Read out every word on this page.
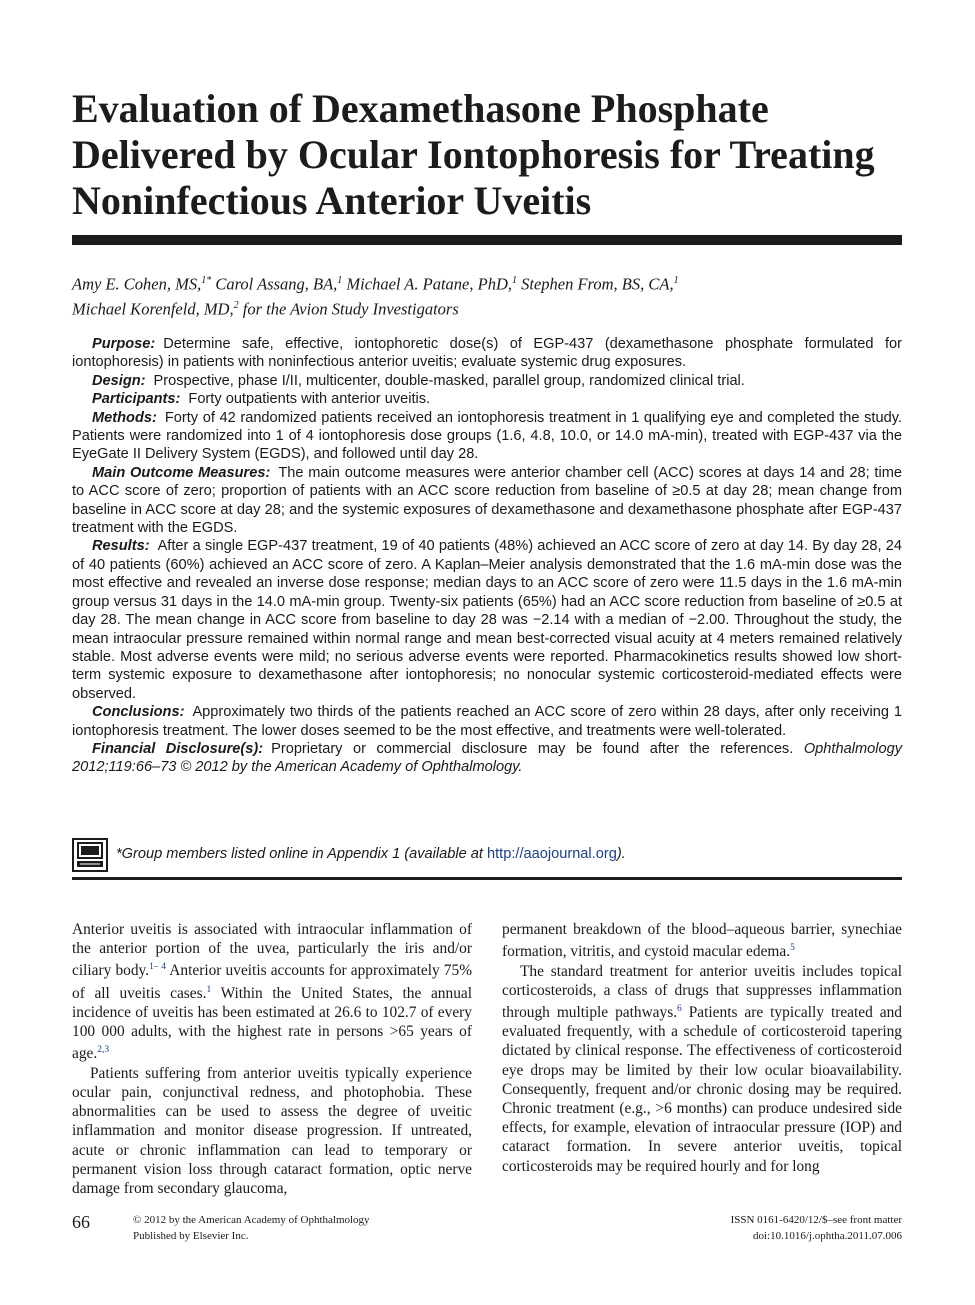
Evaluation of Dexamethasone Phosphate Delivered by Ocular Iontophoresis for Treating Noninfectious Anterior Uveitis
Amy E. Cohen, MS,$^{1*}$ Carol Assang, BA,$^1$ Michael A. Patane, PhD,$^1$ Stephen From, BS, CA,$^1$
Michael Korenfeld, MD,$^2$ for the Avion Study Investigators

Purpose: Determine safe, effective, iontophoretic dose(s) of EGP-437 (dexamethasone phosphate formulated for iontophoresis) in patients with noninfectious anterior uveitis; evaluate systemic drug exposures.

Design: Prospective, phase I/II, multicenter, double-masked, parallel group, randomized clinical trial.

Participants: Forty outpatients with anterior uveitis.

Methods: Forty of 42 randomized patients received an iontophoresis treatment in 1 qualifying eye and completed the study. Patients were randomized into 1 of 4 iontophoresis dose groups (1.6, 4.8, 10.0, or 14.0 mA-min), treated with EGP-437 via the EyeGate II Delivery System (EGDS), and followed until day 28.

Main Outcome Measures: The main outcome measures were anterior chamber cell (ACC) scores at days 14 and 28; time to ACC score of zero; proportion of patients with an ACC score reduction from baseline of ≥0.5 at day 28; mean change from baseline in ACC score at day 28; and the systemic exposures of dexamethasone and dexamethasone phosphate after EGP-437 treatment with the EGDS.

Results: After a single EGP-437 treatment, 19 of 40 patients (48%) achieved an ACC score of zero at day 14. By day 28, 24 of 40 patients (60%) achieved an ACC score of zero. A Kaplan–Meier analysis demonstrated that the 1.6 mA-min dose was the most effective and revealed an inverse dose response; median days to an ACC score of zero were 11.5 days in the 1.6 mA-min group versus 31 days in the 14.0 mA-min group. Twenty-six patients (65%) had an ACC score reduction from baseline of ≥0.5 at day 28. The mean change in ACC score from baseline to day 28 was −2.14 with a median of −2.00. Throughout the study, the mean intraocular pressure remained within normal range and mean best-corrected visual acuity at 4 meters remained relatively stable. Most adverse events were mild; no serious adverse events were reported. Pharmacokinetics results showed low short-term systemic exposure to dexamethasone after iontophoresis; no nonocular systemic corticosteroid-mediated effects were observed.

Conclusions: Approximately two thirds of the patients reached an ACC score of zero within 28 days, after only receiving 1 iontophoresis treatment. The lower doses seemed to be the most effective, and treatments were well-tolerated.

Financial Disclosure(s): Proprietary or commercial disclosure may be found after the references. Ophthalmology 2012;119:66–73 © 2012 by the American Academy of Ophthalmology.

*Group members listed online in Appendix 1 (available at http://aaojournal.org).

Anterior uveitis is associated with intraocular inflammation of the anterior portion of the uvea, particularly the iris and/or ciliary body.$^{1- 4}$ Anterior uveitis accounts for approximately 75% of all uveitis cases.$^1$ Within the United States, the annual incidence of uveitis has been estimated at 26.6 to 102.7 of every 100 000 adults, with the highest rate in persons >65 years of age.$^{2,3}$

Patients suffering from anterior uveitis typically experience ocular pain, conjunctival redness, and photophobia. These abnormalities can be used to assess the degree of uveitic inflammation and monitor disease progression. If untreated, acute or chronic inflammation can lead to temporary or permanent vision loss through cataract formation, optic nerve damage from secondary glaucoma,

permanent breakdown of the blood–aqueous barrier, synechiae formation, vitritis, and cystoid macular edema.$^5$

The standard treatment for anterior uveitis includes topical corticosteroids, a class of drugs that suppresses inflammation through multiple pathways.$^6$ Patients are typically treated and evaluated frequently, with a schedule of corticosteroid tapering dictated by clinical response. The effectiveness of corticosteroid eye drops may be limited by their low ocular bioavailability. Consequently, frequent and/or chronic dosing may be required. Chronic treatment (e.g., >6 months) can produce undesired side effects, for example, elevation of intraocular pressure (IOP) and cataract formation. In severe anterior uveitis, topical corticosteroids may be required hourly and for long

66	© 2012 by the American Academy of Ophthalmology
Published by Elsevier Inc.
ISSN 0161-6420/12/$–see front matter
doi:10.1016/j.ophtha.2011.07.006
